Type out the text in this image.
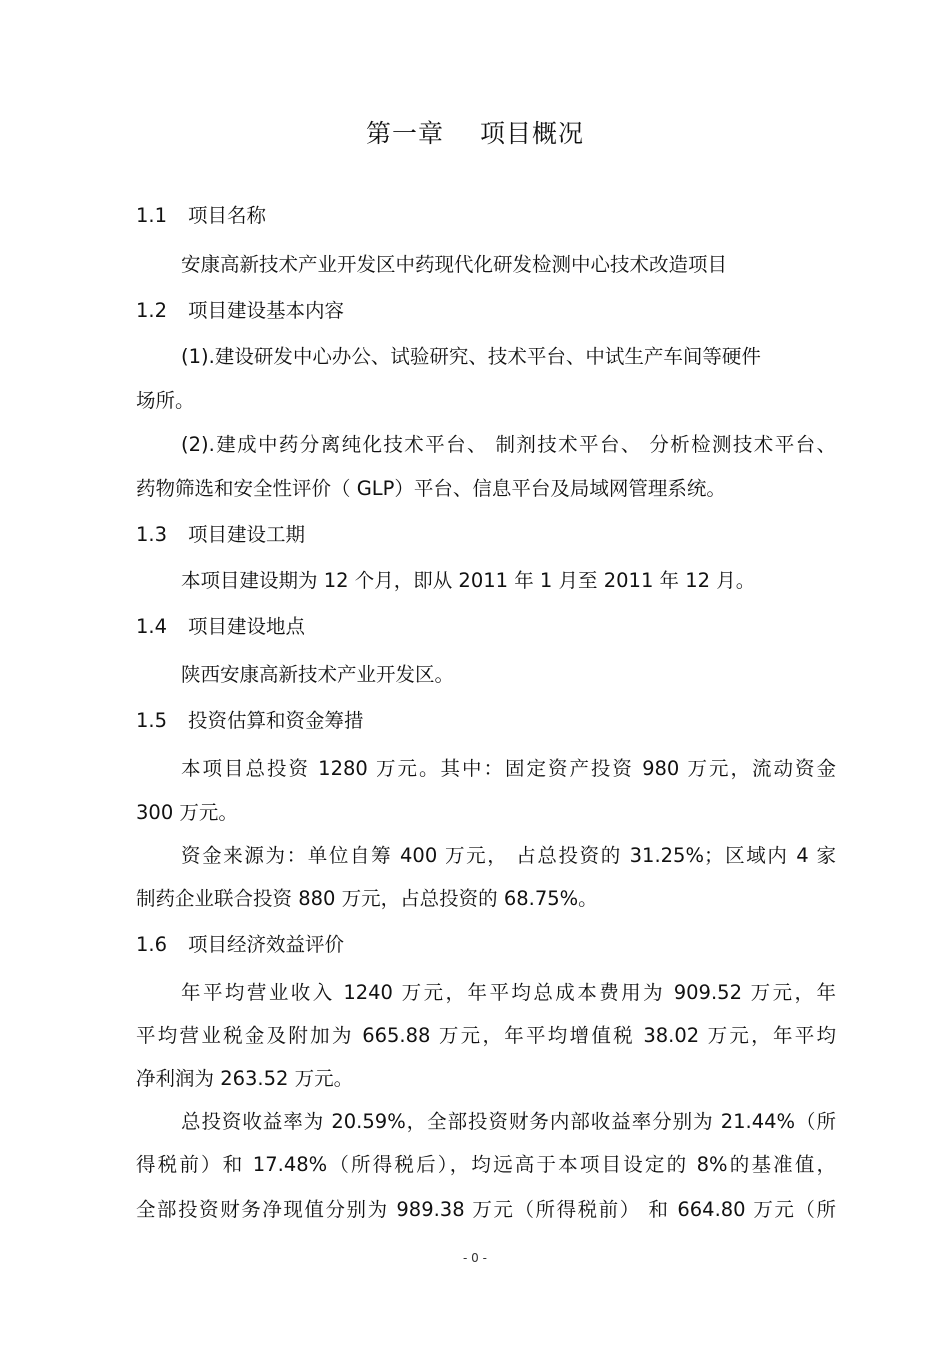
第一章 项目概况
1.1 项目名称
安康高新技术产业开发区中药现代化研发检测中心技术改造项目
1.2 项目建设基本内容
(1).建设研发中心办公、试验研究、技术平台、中试生产车间等硬件
场所。
(2).建成中药分离纯化技术平台、 制剂技术平台、 分析检测技术平台、
药物筛选和安全性评价（ GLP）平台、信息平台及局域网管理系统。
1.3 项目建设工期
本项目建设期为 12 个月，即从 2011 年 1 月至 2011 年 12 月。
1.4 项目建设地点
陕西安康高新技术产业开发区。
1.5 投资估算和资金筹措
本项目总投资 1280 万元。其中：固定资产投资 980 万元，流动资金
300 万元。
资金来源为：单位自筹 400 万元， 占总投资的 31.25%；区域内 4 家
制药企业联合投资 880 万元，占总投资的 68.75%。
1.6 项目经济效益评价
年平均营业收入 1240 万元，年平均总成本费用为 909.52 万元，年
平均营业税金及附加为 665.88 万元，年平均增值税 38.02 万元，年平均
净利润为 263.52 万元。
总投资收益率为 20.59%，全部投资财务内部收益率分别为 21.44%（所
得税前）和 17.48%（所得税后），均远高于本项目设定的 8%的基准值，
全部投资财务净现值分别为 989.38 万元（所得税前） 和 664.80 万元（所
- 0 -
